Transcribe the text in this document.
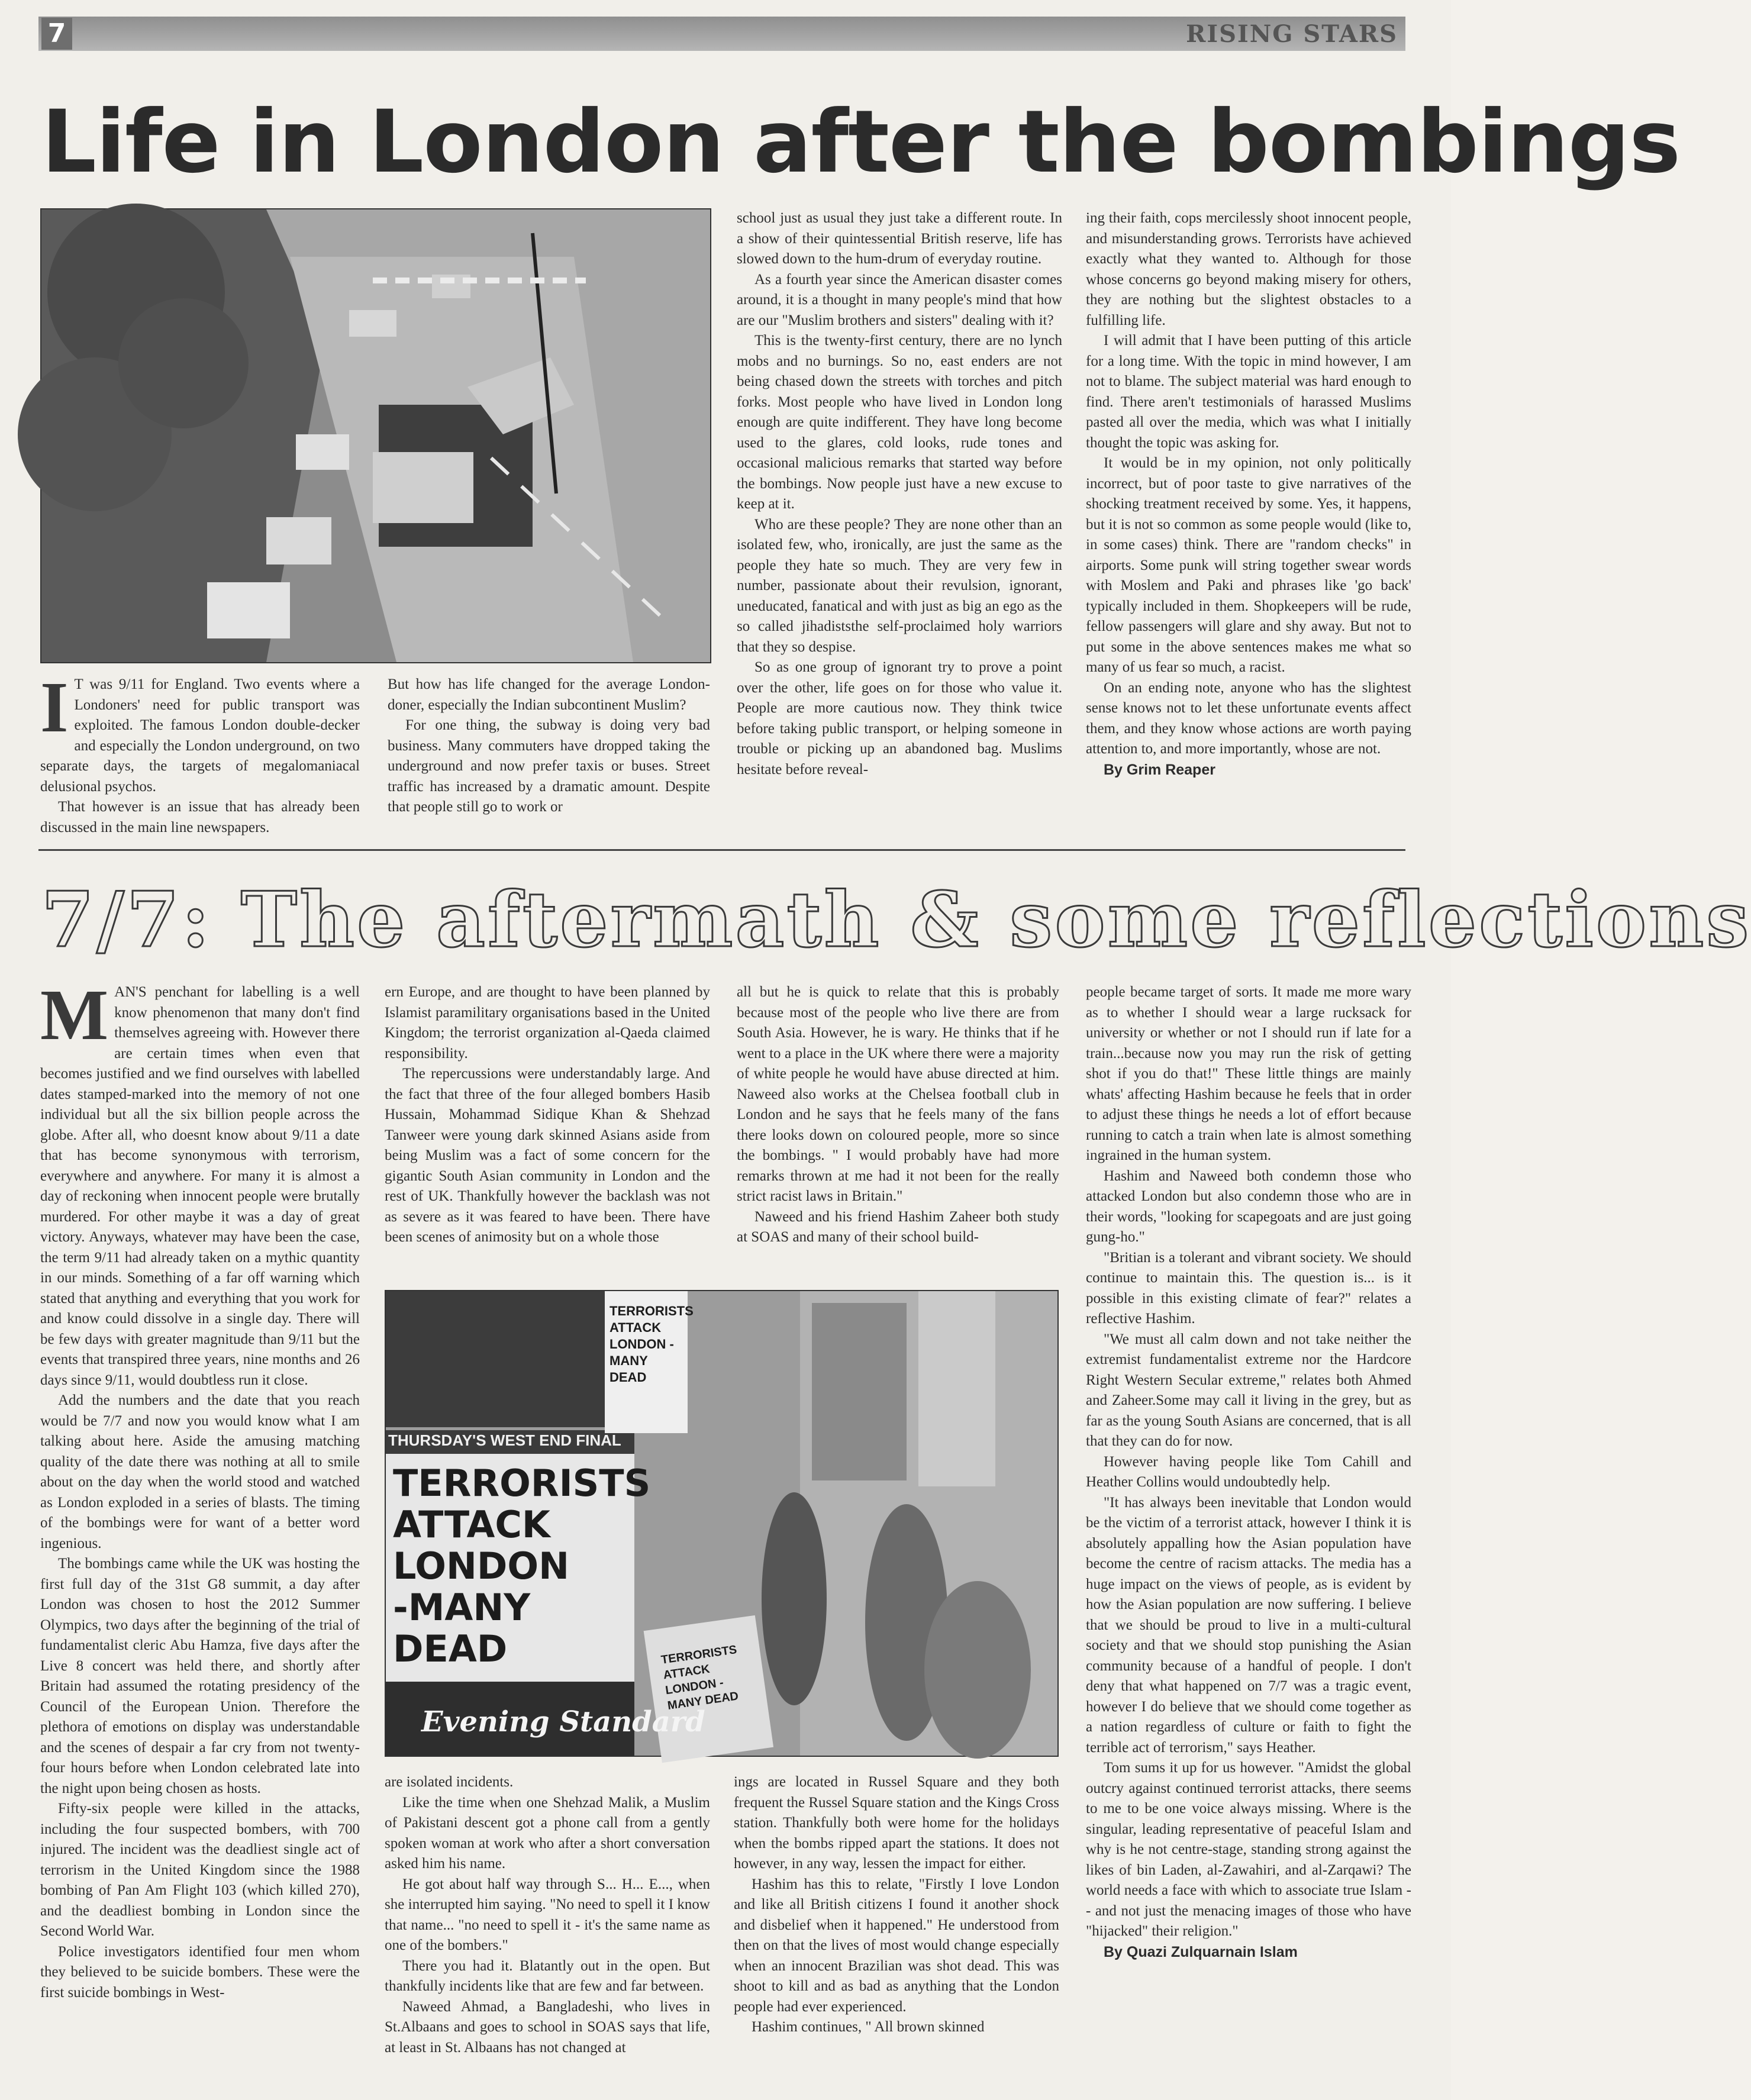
7	RISING STARS
Life in London after the bombings

I T was 9/11 for England. Two events where a Londoners' need for public transport was exploited. The famous London double-decker and especially the London underground, on two separate days, the targets of megalomaniacal delusional psychos.

That however is an issue that has already been discussed in the main line newspapers.

But how has life changed for the average London-doner, especially the Indian subcontinent Muslim?

For one thing, the subway is doing very bad business. Many commuters have dropped taking the underground and now prefer taxis or buses. Street traffic has increased by a dramatic amount. Despite that people still go to work or

school just as usual they just take a different route. In a show of their quintessential British reserve, life has slowed down to the hum-drum of everyday routine.

As a fourth year since the American disaster comes around, it is a thought in many people's mind that how are our "Muslim brothers and sisters" dealing with it?

This is the twenty-first century, there are no lynch mobs and no burnings. So no, east enders are not being chased down the streets with torches and pitch forks. Most people who have lived in London long enough are quite indifferent. They have long become used to the glares, cold looks, rude tones and occasional malicious remarks that started way before the bombings. Now people just have a new excuse to keep at it.

Who are these people? They are none other than an isolated few, who, ironically, are just the same as the people they hate so much. They are very few in number, passionate about their revulsion, ignorant, uneducated, fanatical and with just as big an ego as the so called jihadiststhe self-proclaimed holy warriors that they so despise.

So as one group of ignorant try to prove a point over the other, life goes on for those who value it. People are more cautious now. They think twice before taking public transport, or helping someone in trouble or picking up an abandoned bag. Muslims hesitate before reveal-

ing their faith, cops mercilessly shoot innocent people, and misunderstanding grows. Terrorists have achieved exactly what they wanted to. Although for those whose concerns go beyond making misery for others, they are nothing but the slightest obstacles to a fulfilling life.

I will admit that I have been putting of this article for a long time. With the topic in mind however, I am not to blame. The subject material was hard enough to find. There aren't testimonials of harassed Muslims pasted all over the media, which was what I initially thought the topic was asking for.

It would be in my opinion, not only politically incorrect, but of poor taste to give narratives of the shocking treatment received by some. Yes, it happens, but it is not so common as some people would (like to, in some cases) think. There are "random checks" in airports. Some punk will string together swear words with Moslem and Paki and phrases like 'go back' typically included in them. Shopkeepers will be rude, fellow passengers will glare and shy away. But not to put some in the above sentences makes me what so many of us fear so much, a racist.

On an ending note, anyone who has the slightest sense knows not to let these unfortunate events affect them, and they know whose actions are worth paying attention to, and more importantly, whose are not.

By Grim Reaper

7/7: The aftermath & some reflections

MAN'S penchant for labelling is a well know phenomenon that many don't find themselves agreeing with. However there are certain times when even that becomes justified and we find ourselves with labelled dates stamped-marked into the memory of not one individual but all the six billion people across the globe. After all, who doesnt know about 9/11 a date that has become synonymous with terrorism, everywhere and anywhere. For many it is almost a day of reckoning when innocent people were brutally murdered. For other maybe it was a day of great victory. Anyways, whatever may have been the case, the term 9/11 had already taken on a mythic quantity in our minds. Something of a far off warning which stated that anything and everything that you work for and know could dissolve in a single day. There will be few days with greater magnitude than 9/11 but the events that transpired three years, nine months and 26 days since 9/11, would doubtless run it close.

Add the numbers and the date that you reach would be 7/7 and now you would know what I am talking about here. Aside the amusing matching quality of the date there was nothing at all to smile about on the day when the world stood and watched as London exploded in a series of blasts. The timing of the bombings were for want of a better word ingenious.

The bombings came while the UK was hosting the first full day of the 31st G8 summit, a day after London was chosen to host the 2012 Summer Olympics, two days after the beginning of the trial of fundamentalist cleric Abu Hamza, five days after the Live 8 concert was held there, and shortly after Britain had assumed the rotating presidency of the Council of the European Union. Therefore the plethora of emotions on display was understandable and the scenes of despair a far cry from not twenty-four hours before when London celebrated late into the night upon being chosen as hosts.

Fifty-six people were killed in the attacks, including the four suspected bombers, with 700 injured. The incident was the deadliest single act of terrorism in the United Kingdom since the 1988 bombing of Pan Am Flight 103 (which killed 270), and the deadliest bombing in London since the Second World War.

Police investigators identified four men whom they believed to be suicide bombers. These were the first suicide bombings in West-

ern Europe, and are thought to have been planned by Islamist paramilitary organisations based in the United Kingdom; the terrorist organization al-Qaeda claimed responsibility.

The repercussions were understandably large. And the fact that three of the four alleged bombers Hasib Hussain, Mohammad Sidique Khan & Shehzad Tanweer were young dark skinned Asians aside from being Muslim was a fact of some concern for the gigantic South Asian community in London and the rest of UK. Thankfully however the backlash was not as severe as it was feared to have been. There have been scenes of animosity but on a whole those

all but he is quick to relate that this is probably because most of the people who live there are from South Asia. However, he is wary. He thinks that if he went to a place in the UK where there were a majority of white people he would have abuse directed at him. Naweed also works at the Chelsea football club in London and he says that he feels many of the fans there looks down on coloured people, more so since the bombings. " I would probably have had more remarks thrown at me had it not been for the really strict racist laws in Britain."

Naweed and his friend Hashim Zaheer both study at SOAS and many of their school build-

THURSDAY'S WEST END FINAL
TERRORISTS
ATTACK
LONDON
-MANY
DEAD
Evening Standard
TERRORISTS ATTACK LONDON -MANY DEAD
TERRORISTS ATTACK LONDON -MANY DEAD

are isolated incidents.

Like the time when one Shehzad Malik, a Muslim of Pakistani descent got a phone call from a gently spoken woman at work who after a short conversation asked him his name.

He got about half way through S... H... E..., when she interrupted him saying. "No need to spell it I know that name... "no need to spell it - it's the same name as one of the bombers."

There you had it. Blatantly out in the open. But thankfully incidents like that are few and far between.

Naweed Ahmad, a Bangladeshi, who lives in St.Albaans and goes to school in SOAS says that life, at least in St. Albaans has not changed at

ings are located in Russel Square and they both frequent the Russel Square station and the Kings Cross station. Thankfully both were home for the holidays when the bombs ripped apart the stations. It does not however, in any way, lessen the impact for either.

Hashim has this to relate, "Firstly I love London and like all British citizens I found it another shock and disbelief when it happened." He understood from then on that the lives of most would change especially when an innocent Brazilian was shot dead. This was shoot to kill and as bad as anything that the London people had ever experienced.

Hashim continues, " All brown skinned

people became target of sorts. It made me more wary as to whether I should wear a large rucksack for university or whether or not I should run if late for a train...because now you may run the risk of getting shot if you do that!" These little things are mainly whats' affecting Hashim because he feels that in order to adjust these things he needs a lot of effort because running to catch a train when late is almost something ingrained in the human system.

Hashim and Naweed both condemn those who attacked London but also condemn those who are in their words, "looking for scapegoats and are just going gung-ho."

"Britian is a tolerant and vibrant society. We should continue to maintain this. The question is... is it possible in this existing climate of fear?" relates a reflective Hashim.

"We must all calm down and not take neither the extremist fundamentalist extreme nor the Hardcore Right Western Secular extreme," relates both Ahmed and Zaheer.Some may call it living in the grey, but as far as the young South Asians are concerned, that is all that they can do for now.

However having people like Tom Cahill and Heather Collins would undoubtedly help.

"It has always been inevitable that London would be the victim of a terrorist attack, however I think it is absolutely appalling how the Asian population have become the centre of racism attacks. The media has a huge impact on the views of people, as is evident by how the Asian population are now suffering. I believe that we should be proud to live in a multi-cultural society and that we should stop punishing the Asian community because of a handful of people. I don't deny that what happened on 7/7 was a tragic event, however I do believe that we should come together as a nation regardless of culture or faith to fight the terrible act of terrorism," says Heather.

Tom sums it up for us however. "Amidst the global outcry against continued terrorist attacks, there seems to me to be one voice always missing. Where is the singular, leading representative of peaceful Islam and why is he not centre-stage, standing strong against the likes of bin Laden, al-Zawahiri, and al-Zarqawi? The world needs a face with which to associate true Islam -- and not just the menacing images of those who have "hijacked" their religion."

By Quazi Zulquarnain Islam
